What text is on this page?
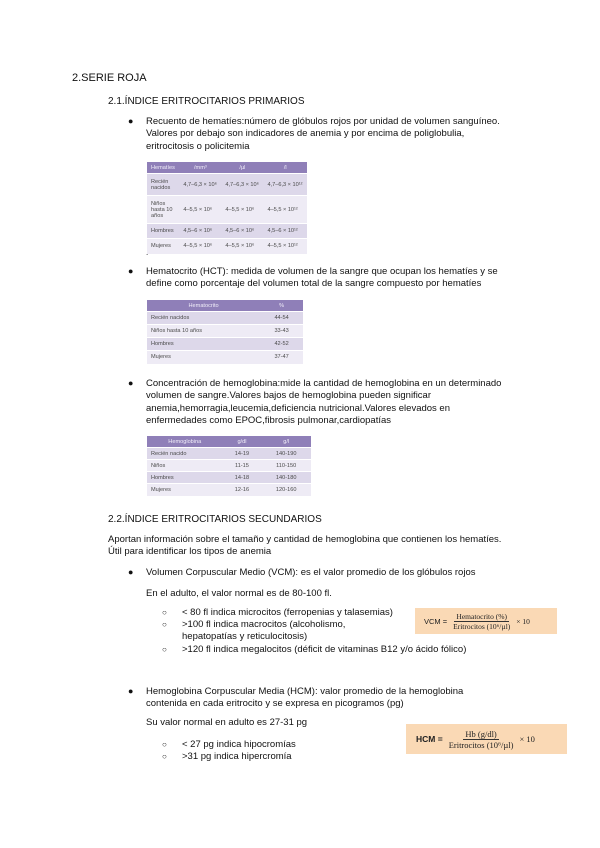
2.SERIE ROJA
2.1.ÍNDICE ERITROCITARIOS PRIMARIOS
● Recuento de hematíes:número de glóbulos rojos por unidad de volumen sanguíneo.
Valores por debajo son indicadores de anemia y por encima de poliglobulia,
eritrocitosis o policitemia
Hematíes	/mm³	/µl	/l

Recién
nacidos	4,7–6,3 × 10⁶	4,7–6,3 × 10⁶	4,7–6,3 × 10¹²

Niños
hasta 10
años	4–5,5 × 10⁶	4–5,5 × 10⁶	4–5,5 × 10¹²
Hombres	4,5–6 × 10⁶	4,5–6 × 10⁶	4,5–6 × 10¹²
Mujeres	4–5,5 × 10⁶	4–5,5 × 10⁶	4–5,5 × 10¹²
.
● Hematocrito (HCT): medida de volumen de la sangre que ocupan los hematíes y se
define como porcentaje del volumen total de la sangre compuesto por hematíes
Hematocrito	%
Recién nacidos	44-54
Niños hasta 10 años	33-43
Hombres	42-52
Mujeres	37-47
● Concentración de hemoglobina:mide la cantidad de hemoglobina en un determinado
volumen de sangre.Valores bajos de hemoglobina pueden significar
anemia,hemorragia,leucemia,deficiencia nutricional.Valores elevados en
enfermedades como EPOC,fibrosis pulmonar,cardiopatías
Hemoglobina	g/dl	g/l
Recién nacido	14-19	140-190
Niños	11-15	110-150
Hombres	14-18	140-180
Mujeres	12-16	120-160
2.2.ÍNDICE ERITROCITARIOS SECUNDARIOS
Aportan información sobre el tamaño y cantidad de hemoglobina que contienen los hematíes.
Útil para identificar los tipos de anemia
● Volumen Corpuscular Medio (VCM): es el valor promedio de los glóbulos rojos
En el adulto, el valor normal es de 80-100 fl.
○ < 80 fl indica microcitos (ferropenias y talasemias)
○ >100 fl indica macrocitos (alcoholismo,
hepatopatías y reticulocitosis)
○ >120 fl indica megalocitos (déficit de vitaminas B12 y/o ácido fólico)
VCM = $\frac{\text{Hematocrito (\%)}}{\text{Eritrocitos (10⁶/µl)}} \times 10$
● Hemoglobina Corpuscular Media (HCM): valor promedio de la hemoglobina
contenida en cada eritrocito y se expresa en picogramos (pg)
Su valor normal en adulto es 27-31 pg
○ < 27 pg indica hipocromías
○ >31 pg indica hipercromía
HCM = $\frac{Hb (g/dl)}{\text{Eritrocitos (10⁶/µl)}} \times 10$
